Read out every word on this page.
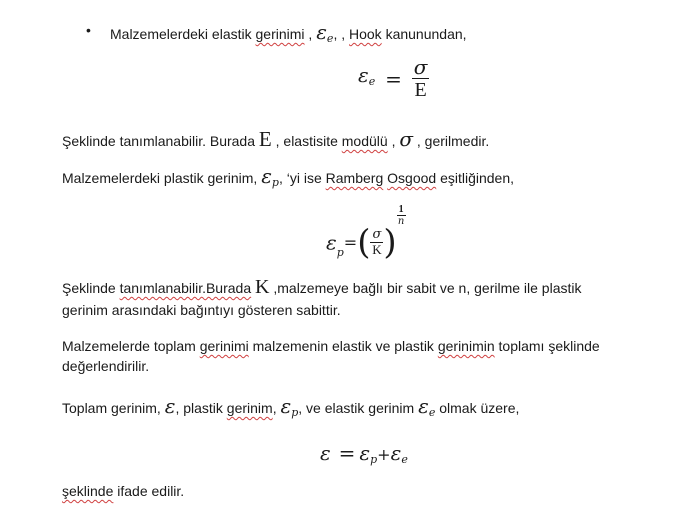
• Malzemelerdeki elastik gerinimi , $\varepsilon_e$, , Hook kanunundan,
$\varepsilon_e = \frac{\sigma}{E}$
Şeklinde tanımlanabilir. Burada E , elastisite modülü , σ , gerilmedir.
Malzemelerdeki plastik gerinim, $\varepsilon_p$, ‘yi ise Ramberg Osgood eşitliğinden,
$\varepsilon_p=( \frac{\sigma}{K}$ )
$\frac{1}{n}$
Şeklinde tanımlanabilir.Burada K ,malzemeye bağlı bir sabit ve n, gerilme ile plastik
gerinim arasındaki bağıntıyı gösteren sabittir.
Malzemelerde toplam gerinimi malzemenin elastik ve plastik gerinimin toplamı şeklinde
değerlendirilir.
Toplam gerinim, ε, plastik gerinim, $\varepsilon_p$, ve elastik gerinim $\varepsilon_e$ olmak üzere,
$\varepsilon = \varepsilon_p+\varepsilon_e$
şeklinde ifade edilir.
